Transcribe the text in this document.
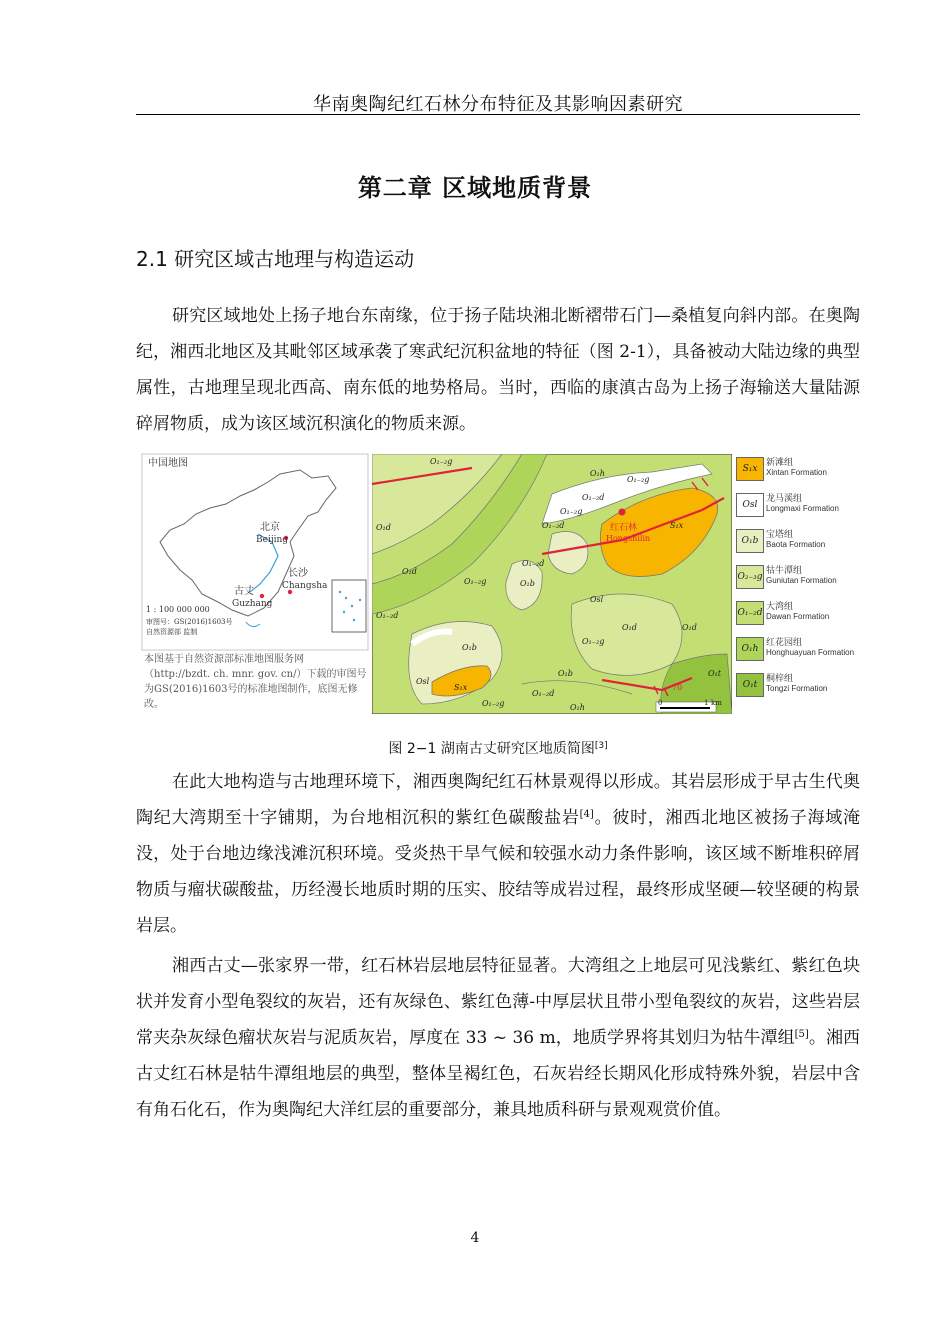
华南奥陶纪红石林分布特征及其影响因素研究
第二章 区域地质背景
2.1 研究区域古地理与构造运动

研究区域地处上扬子地台东南缘，位于扬子陆块湘北断褶带石门—桑植复向斜内部。在奥陶纪，湘西北地区及其毗邻区域承袭了寒武纪沉积盆地的特征（图 2-1），具备被动大陆边缘的典型属性，古地理呈现北西高、南东低的地势格局。当时，西临的康滇古岛为上扬子海输送大量陆源碎屑物质，成为该区域沉积演化的物质来源。

北京
Beijing
长沙
Changsha
古丈
Guzhang
1 : 100 000 000
审图号：GS(2016)1603号
自然资源部 监制
中国地图
本图基于自然资源部标准地图服务网（http://bzdt. ch. mnr. gov. cn/）下载的审图号为GS(2016)1603号的标准地图制作，底图无修改。
红石林
Hongshilin
70
O₁₋₂g
O₁d
O₁h
O₁₋₂g
O₁₋₂d
O₁₋₂g
S₁x
O₁₋₂d
O₁d
O₁₋₂d
O₁b
O₁₋₂g
Osl
O₁b
O₁d
O₁₋₂g
O₁d
Osl
S₁x
O₁₋₂d
O₁h
O₁b
O₁₋₂g
O₁t
O₁₋₂d
0	1 km
S₁x
新滩组
Xintan Formation
Osl
龙马溪组
Longmaxi Formation
O₁b
宝塔组
Baota Formation
O₂₋₃g
牯牛潭组
Guniutan Formation
O₁₋₂d
大湾组
Dawan Formation
O₁h
红花园组
Honghuayuan Formation
O₁t
桐梓组
Tongzi Formation
图 2−1 湖南古丈研究区地质简图[3]

在此大地构造与古地理环境下，湘西奥陶纪红石林景观得以形成。其岩层形成于早古生代奥陶纪大湾期至十字铺期，为台地相沉积的紫红色碳酸盐岩[4]。彼时，湘西北地区被扬子海域淹没，处于台地边缘浅滩沉积环境。受炎热干旱气候和较强水动力条件影响，该区域不断堆积碎屑物质与瘤状碳酸盐，历经漫长地质时期的压实、胶结等成岩过程，最终形成坚硬—较坚硬的构景岩层。

湘西古丈—张家界一带，红石林岩层地层特征显著。大湾组之上地层可见浅紫红、紫红色块状并发育小型龟裂纹的灰岩，还有灰绿色、紫红色薄-中厚层状且带小型龟裂纹的灰岩，这些岩层常夹杂灰绿色瘤状灰岩与泥质灰岩，厚度在 33 ~ 36 m，地质学界将其划归为牯牛潭组[5]。湘西古丈红石林是牯牛潭组地层的典型，整体呈褐红色，石灰岩经长期风化形成特殊外貌，岩层中含有角石化石，作为奥陶纪大洋红层的重要部分，兼具地质科研与景观观赏价值。

4
